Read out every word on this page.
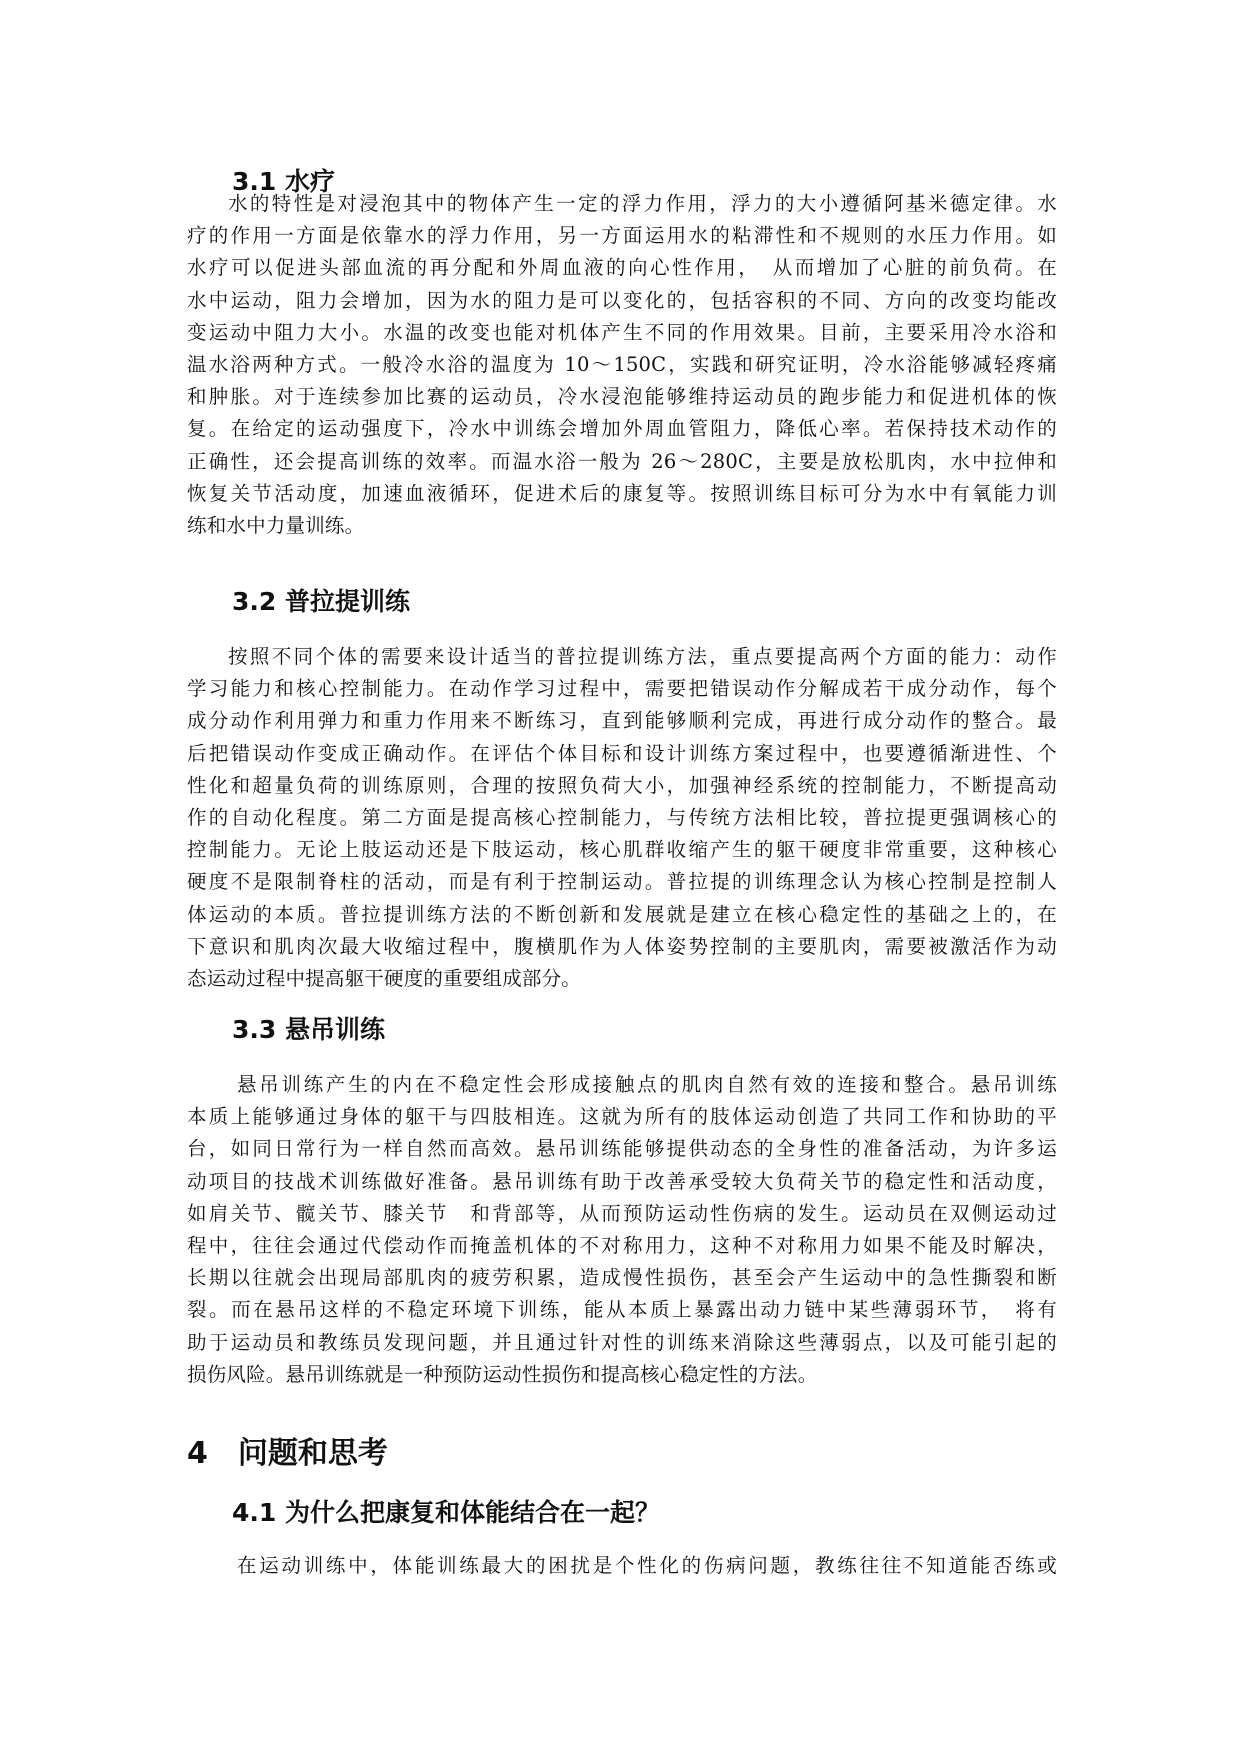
3.1 水疗
水的特性是对浸泡其中的物体产生一定的浮力作用，浮力的大小遵循阿基米德定律。水
疗的作用一方面是依靠水的浮力作用，另一方面运用水的粘滞性和不规则的水压力作用。如
水疗可以促进头部血流的再分配和外周血液的向心性作用，　从而增加了心脏的前负荷。在
水中运动，阻力会增加，因为水的阻力是可以变化的，包括容积的不同、方向的改变均能改
变运动中阻力大小。水温的改变也能对机体产生不同的作用效果。目前，主要采用冷水浴和
温水浴两种方式。一般冷水浴的温度为 10～150C，实践和研究证明，冷水浴能够减轻疼痛
和肿胀。对于连续参加比赛的运动员，冷水浸泡能够维持运动员的跑步能力和促进机体的恢
复。在给定的运动强度下，冷水中训练会增加外周血管阻力，降低心率。若保持技术动作的
正确性，还会提高训练的效率。而温水浴一般为 26～280C，主要是放松肌肉，水中拉伸和
恢复关节活动度，加速血液循环，促进术后的康复等。按照训练目标可分为水中有氧能力训
练和水中力量训练。
3.2 普拉提训练
按照不同个体的需要来设计适当的普拉提训练方法，重点要提高两个方面的能力：动作
学习能力和核心控制能力。在动作学习过程中，需要把错误动作分解成若干成分动作，每个
成分动作利用弹力和重力作用来不断练习，直到能够顺利完成，再进行成分动作的整合。最
后把错误动作变成正确动作。在评估个体目标和设计训练方案过程中，也要遵循渐进性、个
性化和超量负荷的训练原则，合理的按照负荷大小，加强神经系统的控制能力，不断提高动
作的自动化程度。第二方面是提高核心控制能力，与传统方法相比较，普拉提更强调核心的
控制能力。无论上肢运动还是下肢运动，核心肌群收缩产生的躯干硬度非常重要，这种核心
硬度不是限制脊柱的活动，而是有利于控制运动。普拉提的训练理念认为核心控制是控制人
体运动的本质。普拉提训练方法的不断创新和发展就是建立在核心稳定性的基础之上的，在
下意识和肌肉次最大收缩过程中，腹横肌作为人体姿势控制的主要肌肉，需要被激活作为动
态运动过程中提高躯干硬度的重要组成部分。
3.3 悬吊训练
悬吊训练产生的内在不稳定性会形成接触点的肌肉自然有效的连接和整合。悬吊训练
本质上能够通过身体的躯干与四肢相连。这就为所有的肢体运动创造了共同工作和协助的平
台，如同日常行为一样自然而高效。悬吊训练能够提供动态的全身性的准备活动，为许多运
动项目的技战术训练做好准备。悬吊训练有助于改善承受较大负荷关节的稳定性和活动度，
如肩关节、髋关节、膝关节　和背部等，从而预防运动性伤病的发生。运动员在双侧运动过
程中，往往会通过代偿动作而掩盖机体的不对称用力，这种不对称用力如果不能及时解决，
长期以往就会出现局部肌肉的疲劳积累，造成慢性损伤，甚至会产生运动中的急性撕裂和断
裂。而在悬吊这样的不稳定环境下训练，能从本质上暴露出动力链中某些薄弱环节，　将有
助于运动员和教练员发现问题，并且通过针对性的训练来消除这些薄弱点，以及可能引起的
损伤风险。悬吊训练就是一种预防运动性损伤和提高核心稳定性的方法。
4　问题和思考
4.1 为什么把康复和体能结合在一起？
在运动训练中，体能训练最大的困扰是个性化的伤病问题，教练往往不知道能否练或
